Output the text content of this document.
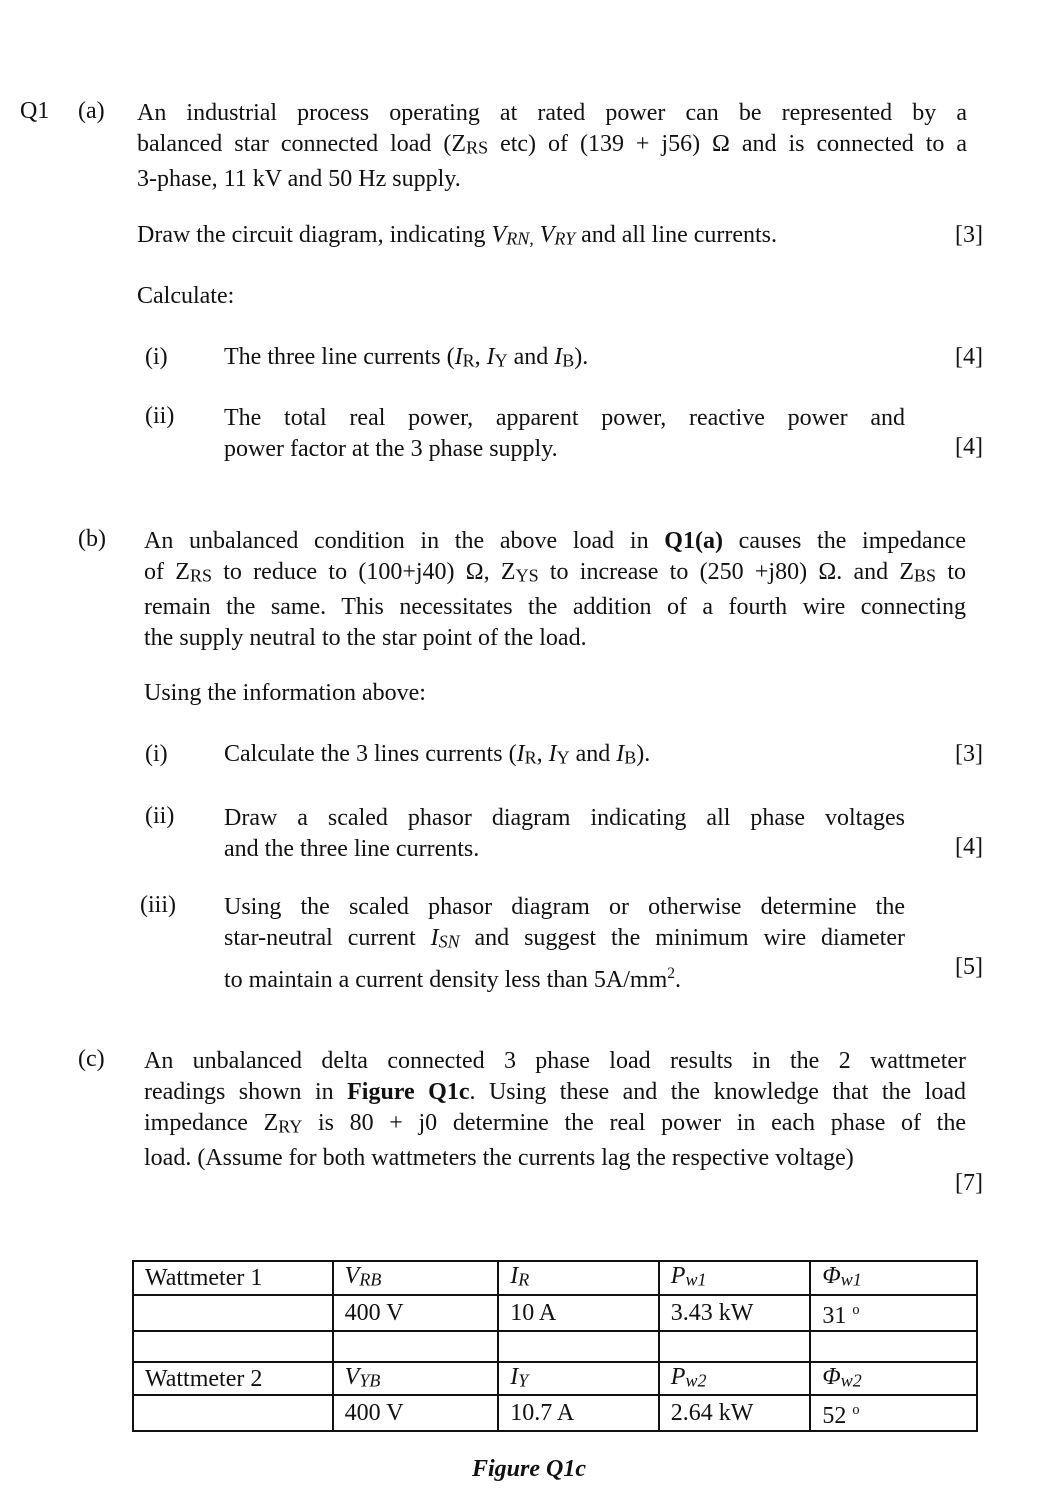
Q1 (a) An industrial process operating at rated power can be represented by a
balanced star connected load ($Z_{RS}$ etc) of (139 + j56) Ω and is connected to a
3-phase, 11 kV and 50 Hz supply.
Draw the circuit diagram, indicating $V_{RN,}$ $V_{RY}$ and all line currents.	[3]
Calculate:
(i) The three line currents ($I_R$, $I_Y$ and $I_B$).	[4]
(ii) The total real power, apparent power, reactive power and
power factor at the 3 phase supply.	[4]
(b) An unbalanced condition in the above load in Q1(a) causes the impedance
of $Z_{RS}$ to reduce to (100+j40) Ω, $Z_{YS}$ to increase to (250 +j80) Ω. and $Z_{BS}$ to
remain the same. This necessitates the addition of a fourth wire connecting
the supply neutral to the star point of the load.
Using the information above:
(i) Calculate the 3 lines currents ($I_R$, $I_Y$ and $I_B$).	[3]
(ii) Draw a scaled phasor diagram indicating all phase voltages
and the three line currents.	[4]
(iii) Using the scaled phasor diagram or otherwise determine the
star-neutral current $I_{SN}$ and suggest the minimum wire diameter
to maintain a current density less than $5A/mm^2$.	[5]
(c) An unbalanced delta connected 3 phase load results in the 2 wattmeter
readings shown in Figure Q1c. Using these and the knowledge that the load
impedance $Z_{RY}$ is 80 + j0 determine the real power in each phase of the
load. (Assume for both wattmeters the currents lag the respective voltage)
[7]
Wattmeter 1	$V_{RB}$	$I_R$	$P_{w1}$	$\Phi_{w1}$
	400 V	10 A	3.43 kW	31 $^o$

Wattmeter 2	$V_{YB}$	$I_Y$	$P_{w2}$	$\Phi_{w2}$
	400 V	10.7 A	2.64 kW	52 $^o$
Figure Q1c
